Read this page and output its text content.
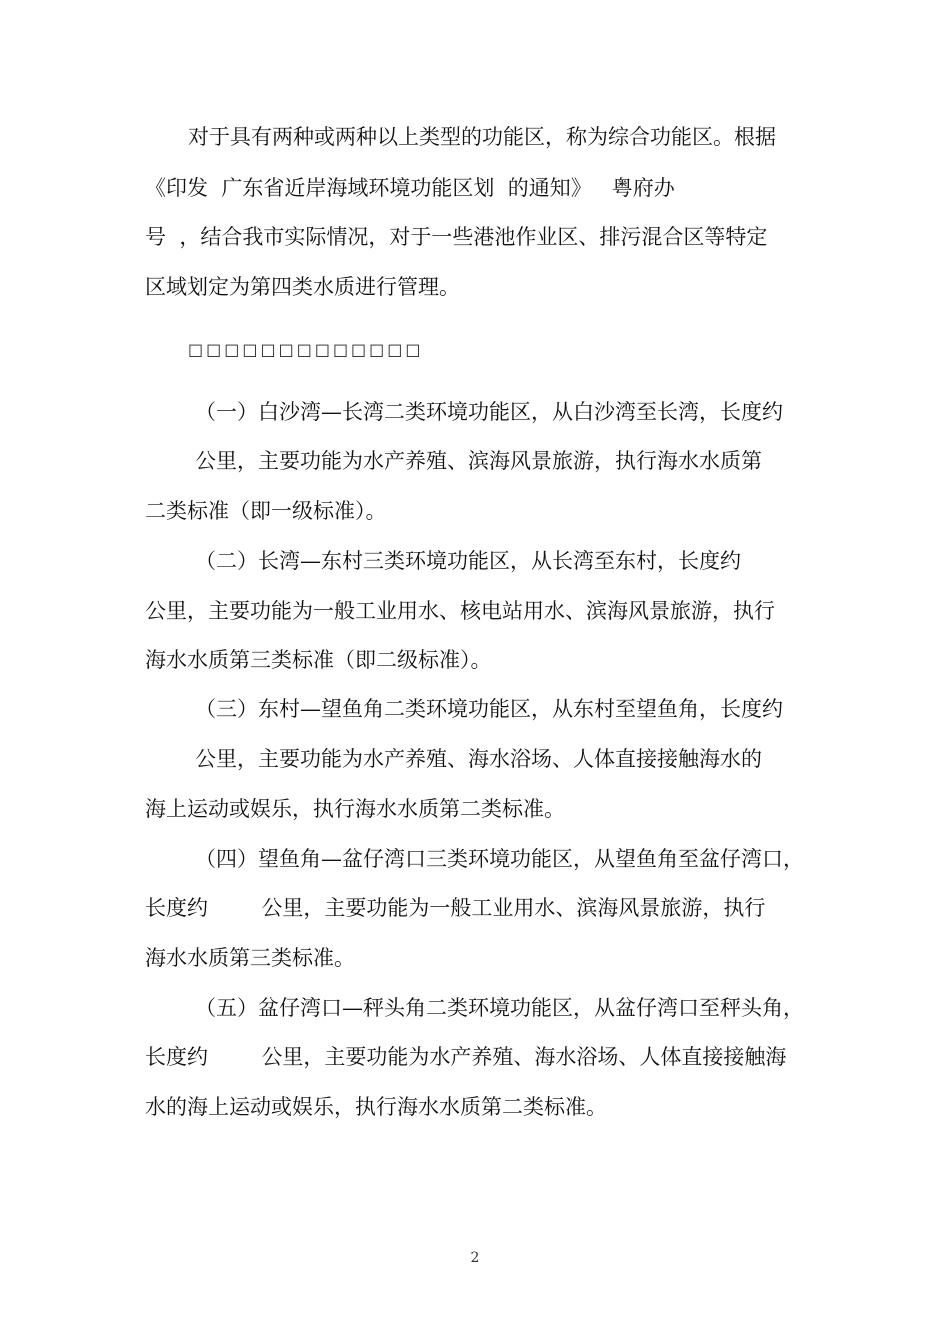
对于具有两种或两种以上类型的功能区，称为综合功能区。根据
《印发  广东省近岸海域环境功能区划  的通知》   粤府办
号  ，结合我市实际情况，对于一些港池作业区、排污混合区等特定
区域划定为第四类水质进行管理。
□□□□□□□□□□□□□
（一）白沙湾—长湾二类环境功能区，从白沙湾至长湾，长度约
公里，主要功能为水产养殖、滨海风景旅游，执行海水水质第
二类标准（即一级标准）。
（二）长湾—东村三类环境功能区，从长湾至东村，长度约
公里，主要功能为一般工业用水、核电站用水、滨海风景旅游，执行
海水水质第三类标准（即二级标准）。
（三）东村—望鱼角二类环境功能区，从东村至望鱼角，长度约
公里，主要功能为水产养殖、海水浴场、人体直接接触海水的
海上运动或娱乐，执行海水水质第二类标准。
（四）望鱼角—盆仔湾口三类环境功能区，从望鱼角至盆仔湾口，
长度约        公里，主要功能为一般工业用水、滨海风景旅游，执行
海水水质第三类标准。
（五）盆仔湾口—秤头角二类环境功能区，从盆仔湾口至秤头角，
长度约        公里，主要功能为水产养殖、海水浴场、人体直接接触海
水的海上运动或娱乐，执行海水水质第二类标准。
2
